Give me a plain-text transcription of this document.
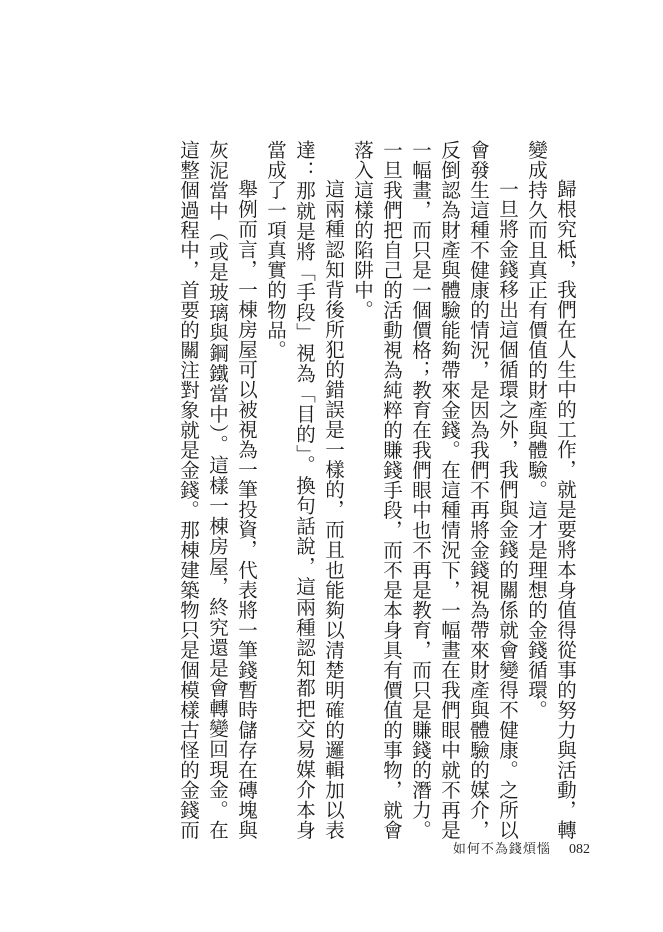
歸根究柢，我們在人生中的工作，就是要將本身值得從事的努力與活動，轉變成持久而且真正有價值的財產與體驗。這才是理想的金錢循環。

一旦將金錢移出這個循環之外，我們與金錢的關係就會變得不健康。之所以會發生這種不健康的情況，是因為我們不再將金錢視為帶來財產與體驗的媒介，反倒認為財產與體驗能夠帶來金錢。在這種情況下，一幅畫在我們眼中就不再是一幅畫，而只是一個價格；教育在我們眼中也不再是教育，而只是賺錢的潛力。一旦我們把自己的活動視為純粹的賺錢手段，而不是本身具有價值的事物，就會落入這樣的陷阱中。

這兩種認知背後所犯的錯誤是一樣的，而且也能夠以清楚明確的邏輯加以表達：那就是將「手段」視為「目的」。換句話說，這兩種認知都把交易媒介本身當成了一項真實的物品。

舉例而言，一棟房屋可以被視為一筆投資，代表將一筆錢暫時儲存在磚塊與灰泥當中（或是玻璃與鋼鐵當中）。這樣一棟房屋，終究還是會轉變回現金。在這整個過程中，首要的關注對象就是金錢。那棟建築物只是個模樣古怪的金錢而

如何不為錢煩惱 082
